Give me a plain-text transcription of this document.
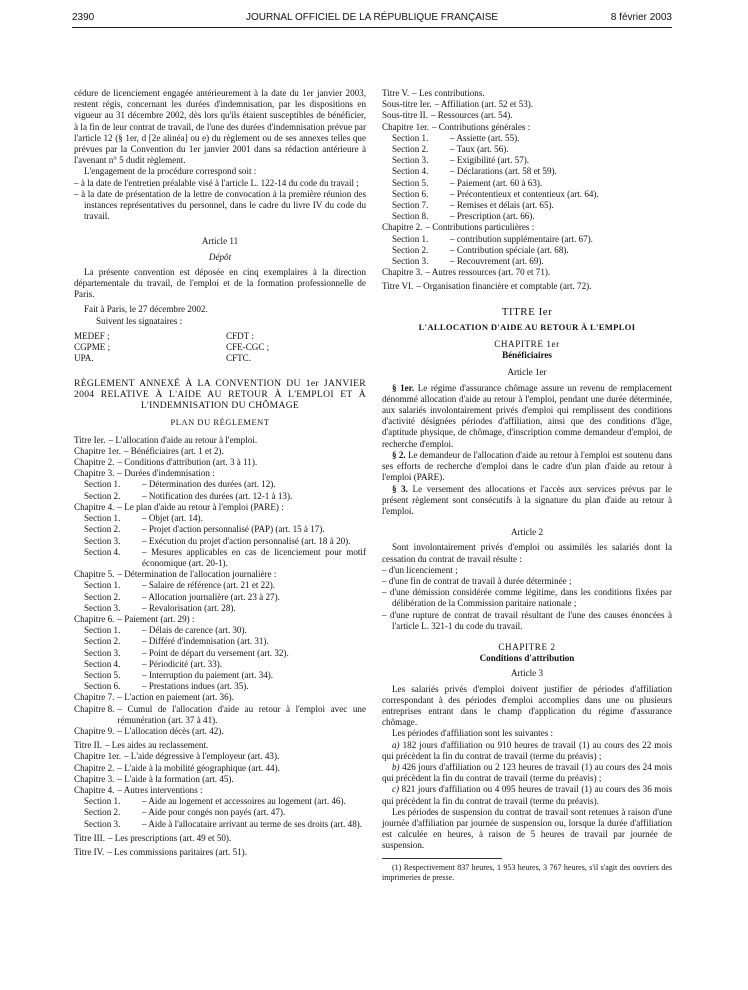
2390	JOURNAL OFFICIEL DE LA RÉPUBLIQUE FRANÇAISE	8 février 2003

cédure de licenciement engagée antérieurement à la date du 1er janvier 2003, restent régis, concernant les durées d'indemnisation, par les dispositions en vigueur au 31 décembre 2002, dès lors qu'ils étaient susceptibles de bénéficier, à la fin de leur contrat de travail, de l'une des durées d'indemnisation prévue par l'article 12 (§ 1er, d [2e alinéa] ou e) du règlement ou de ses annexes telles que prévues par la Convention du 1er janvier 2001 dans sa rédaction antérieure à l'avenant n° 5 dudit règlement.

L'engagement de la procédure correspond soit :

– à la date de l'entretien préalable visé à l'article L. 122-14 du code du travail ;

– à la date de présentation de la lettre de convocation à la première réunion des instances représentatives du personnel, dans le cadre du livre IV du code du travail.

Article 11

Dépôt

La présente convention est déposée en cinq exemplaires à la direction départementale du travail, de l'emploi et de la formation professionnelle de Paris.

Fait à Paris, le 27 décembre 2002.

Suivent les signataires :

MEDEF ;	CFDT :
CGPME ;	CFE-CGC ;
UPA.	CFTC.

RÈGLEMENT ANNEXÉ À LA CONVENTION DU 1er JANVIER 2004 RELATIVE À L'AIDE AU RETOUR À L'EMPLOI ET À L'INDEMNISATION DU CHÔMAGE

PLAN DU RÈGLEMENT

Titre Ier. – L'allocation d'aide au retour à l'emploi.
Chapitre 1er. – Bénéficiaires (art. 1 et 2).
Chapitre 2. – Conditions d'attribution (art. 3 à 11).
Chapitre 3. – Durées d'indemnisation :
Section 1.	– Détermination des durées (art. 12).
Section 2.	– Notification des durées (art. 12-1 à 13).
Chapitre 4. – Le plan d'aide au retour à l'emploi (PARE) :
Section 1.	– Objet (art. 14).
Section 2.	– Projet d'action personnalisé (PAP) (art. 15 à 17).
Section 3.	– Exécution du projet d'action personnalisé (art. 18 à 20).
Section 4.	– Mesures applicables en cas de licenciement pour motif économique (art. 20-1).
Chapitre 5. – Détermination de l'allocation journalière :
Section 1.	– Salaire de référence (art. 21 et 22).
Section 2.	– Allocation journalière (art. 23 à 27).
Section 3.	– Revalorisation (art. 28).
Chapitre 6. – Paiement (art. 29) :
Section 1.	– Délais de carence (art. 30).
Section 2.	– Différé d'indemnisation (art. 31).
Section 3.	– Point de départ du versement (art. 32).
Section 4.	– Périodicité (art. 33).
Section 5.	– Interruption du paiement (art. 34).
Section 6.	– Prestations indues (art. 35).
Chapitre 7. – L'action en paiement (art. 36).
Chapitre 8. – Cumul de l'allocation d'aide au retour à l'emploi avec une rémunération (art. 37 à 41).
Chapitre 9. – L'allocation décès (art. 42).
Titre II. – Les aides au reclassement.
Chapitre 1er. – L'aide dégressive à l'employeur (art. 43).
Chapitre 2. – L'aide à la mobilité géographique (art. 44).
Chapitre 3. – L'aide à la formation (art. 45).
Chapitre 4. – Autres interventions :
Section 1.	– Aide au logement et accessoires au logement (art. 46).
Section 2.	– Aide pour congés non payés (art. 47).
Section 3.	– Aide à l'allocataire arrivant au terme de ses droits (art. 48).
Titre III. – Les prescriptions (art. 49 et 50).
Titre IV. – Les commissions paritaires (art. 51).
Titre V. – Les contributions.
Sous-titre Ier. – Affiliation (art. 52 et 53).
Sous-titre II. – Ressources (art. 54).
Chapitre 1er. – Contributions générales :
Section 1.	– Assiette (art. 55).
Section 2.	– Taux (art. 56).
Section 3.	– Exigibilité (art. 57).
Section 4.	– Déclarations (art. 58 et 59).
Section 5.	– Paiement (art. 60 à 63).
Section 6.	– Précontentieux et contentieux (art. 64).
Section 7.	– Remises et délais (art. 65).
Section 8.	– Prescription (art. 66).
Chapitre 2. – Contributions particulières :
Section 1.	– contribution supplémentaire (art. 67).
Section 2.	– Contribution spéciale (art. 68).
Section 3.	– Recouvrement (art. 69).
Chapitre 3. – Autres ressources (art. 70 et 71).
Titre VI. – Organisation financière et comptable (art. 72).

TITRE Ier

L'ALLOCATION D'AIDE AU RETOUR À L'EMPLOI

CHAPITRE 1er

Bénéficiaires

Article 1er

§ 1er. Le régime d'assurance chômage assure un revenu de remplacement dénommé allocation d'aide au retour à l'emploi, pendant une durée déterminée, aux salariés involontairement privés d'emploi qui remplissent des conditions d'activité désignées périodes d'affiliation, ainsi que des conditions d'âge, d'aptitude physique, de chômage, d'inscription comme demandeur d'emploi, de recherche d'emploi.

§ 2. Le demandeur de l'allocation d'aide au retour à l'emploi est soutenu dans ses efforts de recherche d'emploi dans le cadre d'un plan d'aide au retour à l'emploi (PARE).

§ 3. Le versement des allocations et l'accès aux services prévus par le présent règlement sont consécutifs à la signature du plan d'aide au retour à l'emploi.

Article 2

Sont involontairement privés d'emploi ou assimilés les salariés dont la cessation du contrat de travail résulte :

– d'un licenciement ;

– d'une fin de contrat de travail à durée déterminée ;

– d'une démission considérée comme légitime, dans les conditions fixées par délibération de la Commission paritaire nationale ;

– d'une rupture de contrat de travail résultant de l'une des causes énoncées à l'article L. 321-1 du code du travail.

CHAPITRE 2

Conditions d'attribution

Article 3

Les salariés privés d'emploi doivent justifier de périodes d'affiliation correspondant à des périodes d'emploi accomplies dans une ou plusieurs entreprises entrant dans le champ d'application du régime d'assurance chômage.

Les périodes d'affiliation sont les suivantes :

a) 182 jours d'affiliation ou 910 heures de travail (1) au cours des 22 mois qui précèdent la fin du contrat de travail (terme du préavis) ;

b) 426 jours d'affiliation ou 2 123 heures de travail (1) au cours des 24 mois qui précèdent la fin du contrat de travail (terme du préavis) ;

c) 821 jours d'affiliation ou 4 095 heures de travail (1) au cours des 36 mois qui précèdent la fin du contrat de travail (terme du préavis).

Les périodes de suspension du contrat de travail sont retenues à raison d'une journée d'affiliation par journée de suspension ou, lorsque la durée d'affiliation est calculée en heures, à raison de 5 heures de travail par journée de suspension.

(1) Respectivement 837 heures, 1 953 heures, 3 767 heures, s'il s'agit des ouvriers des imprimeries de presse.
